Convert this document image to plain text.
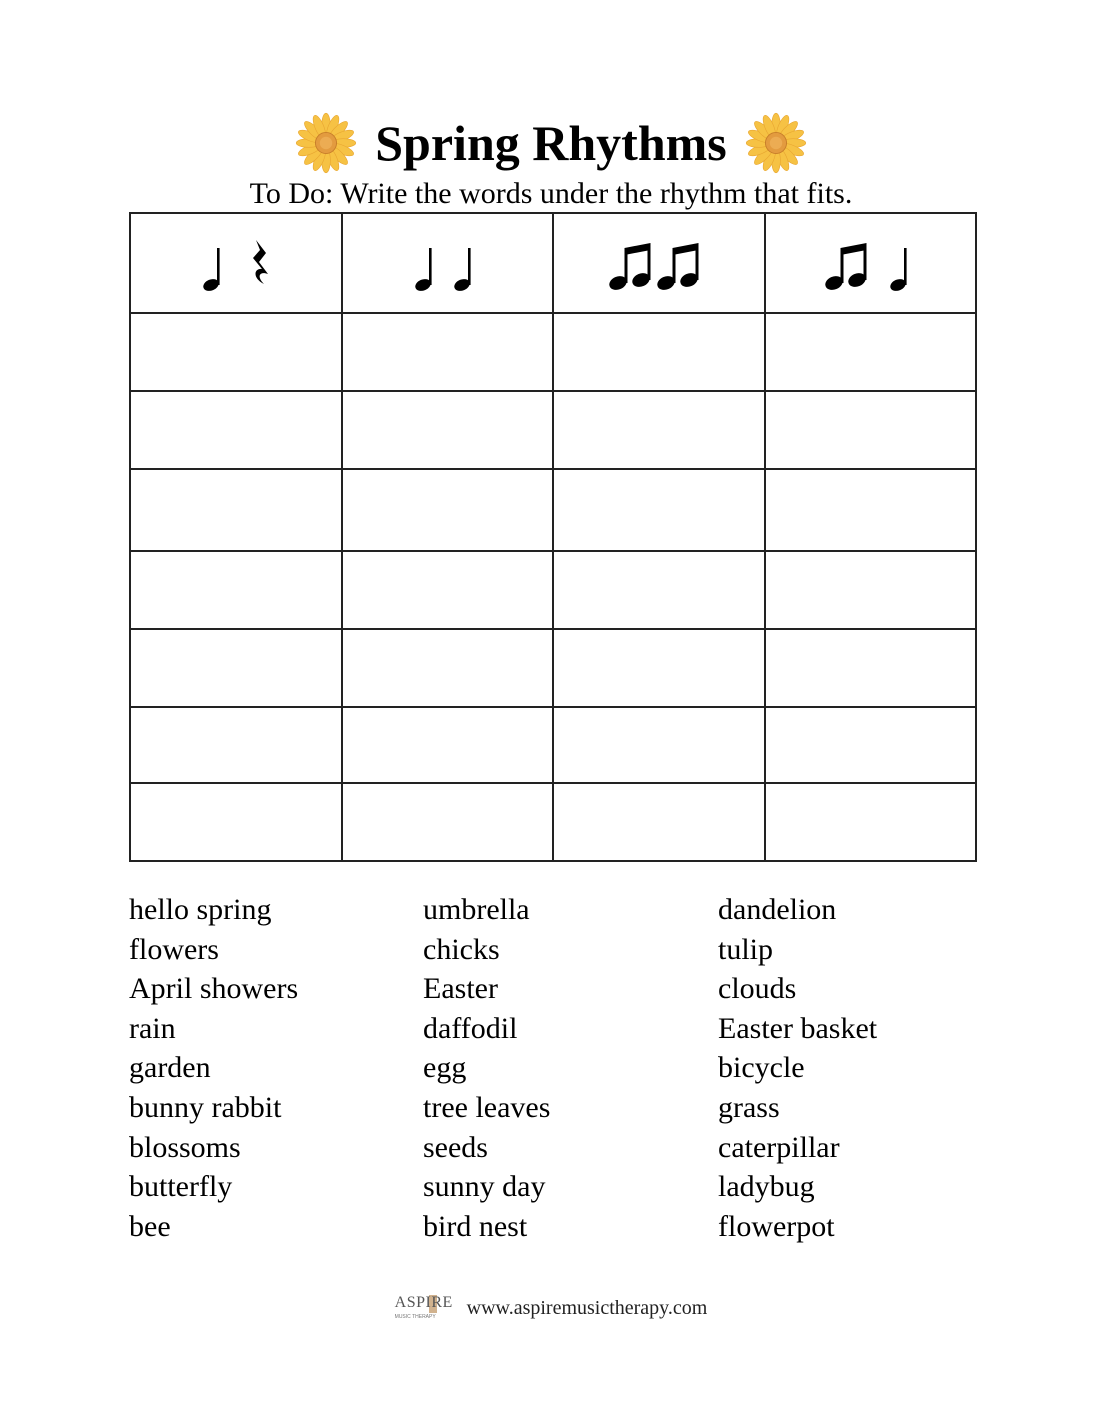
Spring Rhythms
To Do: Write the words under the rhythm that fits.

hello spring
flowers
April showers
rain
garden
bunny rabbit
blossoms
butterfly
bee
umbrella
chicks
Easter
daffodil
egg
tree leaves
seeds
sunny day
bird nest
dandelion
tulip
clouds
Easter basket
bicycle
grass
caterpillar
ladybug
flowerpot
ASPIRE
MUSIC THERAPY www.aspiremusictherapy.com
